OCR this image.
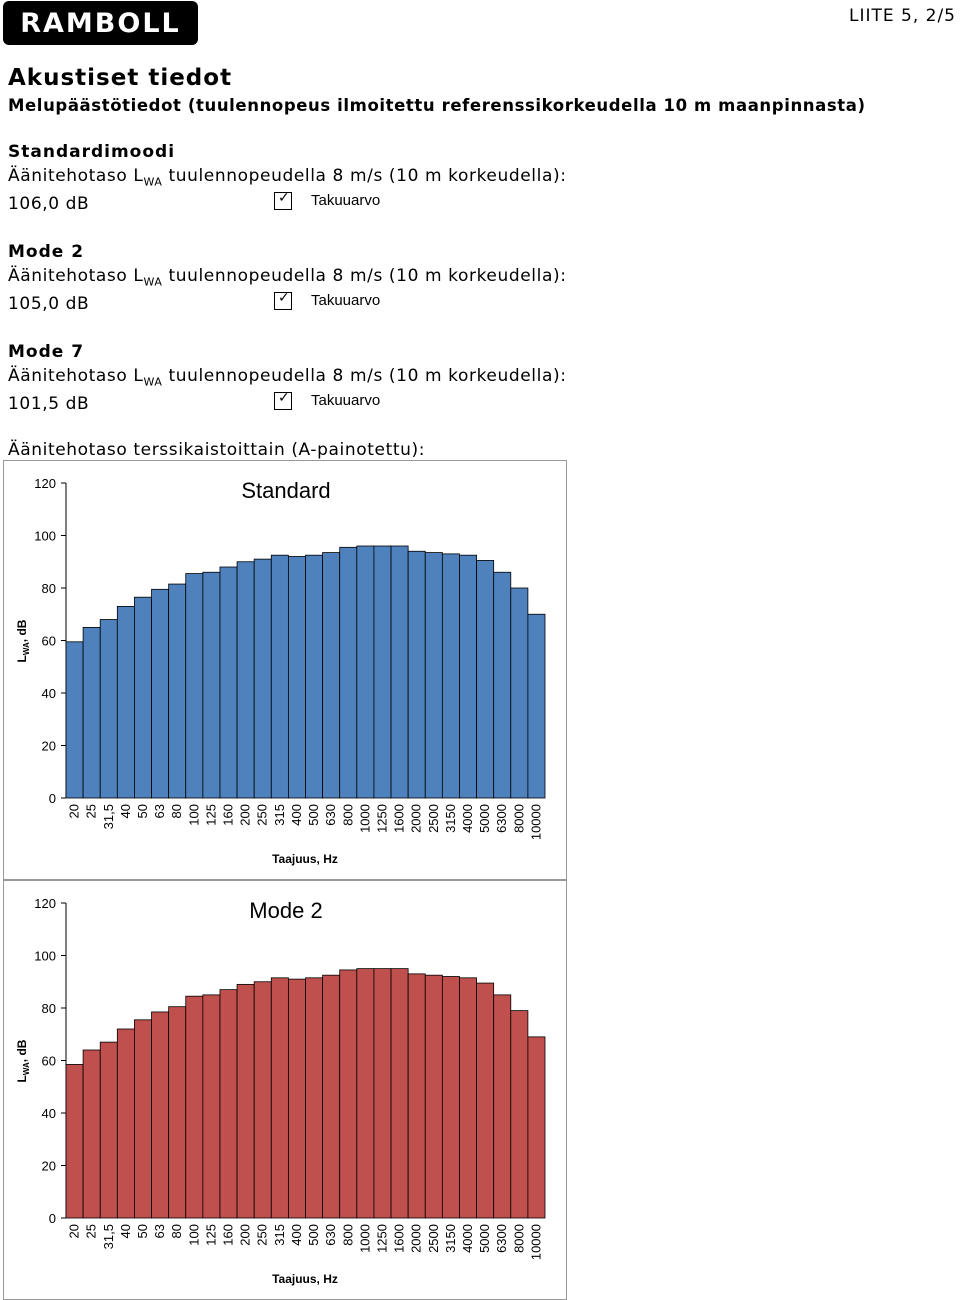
RAMBOLL	LIITE 5, 2/5
Akustiset tiedot
Melupäästötiedot (tuulennopeus ilmoitettu referenssikorkeudella 10 m maanpinnasta)
Standardimoodi
Äänitehotaso $L_{WA}$ tuulennopeudella 8 m/s (10 m korkeudella):
106,0 dB	✓ Takuuarvo
Mode 2
Äänitehotaso $L_{WA}$ tuulennopeudella 8 m/s (10 m korkeudella):
105,0 dB	✓ Takuuarvo
Mode 7
Äänitehotaso $L_{WA}$ tuulennopeudella 8 m/s (10 m korkeudella):
101,5 dB	✓ Takuuarvo
Äänitehotaso terssikaistoittain (A-painotettu):
0
20
40
60
80
100
120
20 25 31,5 40 50 63 80 100 125 160 200 250 315 400 500 630 800 1000 1250 1600 2000 2500 3150 4000 5000 6300 8000 10000
Standard
Taajuus, Hz
$L_{WA}$, dB
0
20
40
60
80
100
120
20 25 31,5 40 50 63 80 100 125 160 200 250 315 400 500 630 800 1000 1250 1600 2000 2500 3150 4000 5000 6300 8000 10000
Mode 2
Taajuus, Hz
$L_{WA}$, dB
